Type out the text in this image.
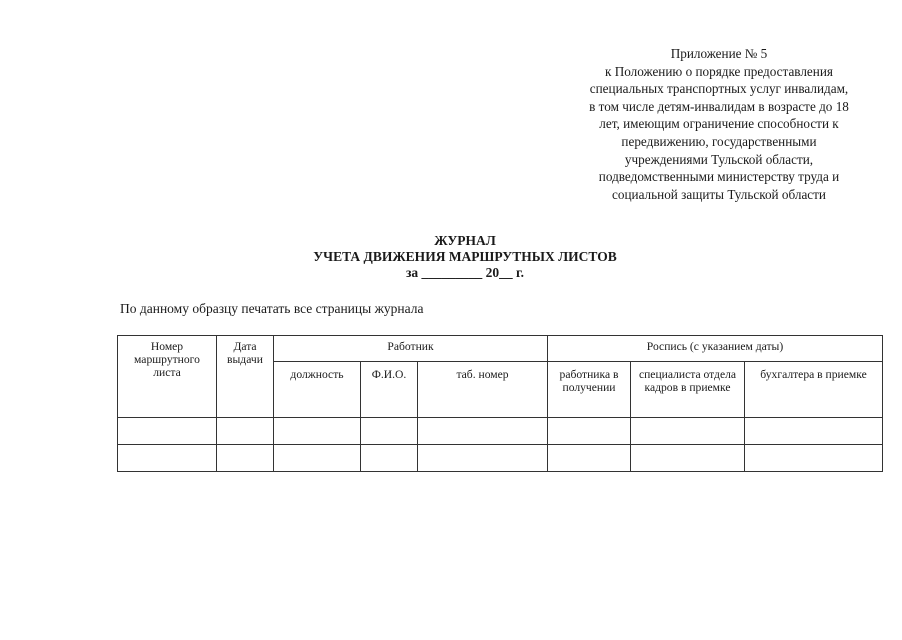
Приложение № 5
к Положению о порядке предоставления
специальных транспортных услуг инвалидам,
в том числе детям-инвалидам в возрасте до 18
лет, имеющим ограничение способности к
передвижению, государственными
учреждениями Тульской области,
подведомственными министерству труда и
социальной защиты Тульской области
ЖУРНАЛ
УЧЕТА ДВИЖЕНИЯ МАРШРУТНЫХ ЛИСТОВ
за _________ 20__ г.
По данному образцу печатать все страницы журнала
Номер маршрутного листа	Дата выдачи	Работник			Роспись (с указанием даты)		
		должность	Ф.И.О.	таб. номер	работника в получении	специалиста отдела кадров в приемке	бухгалтера в приемке
